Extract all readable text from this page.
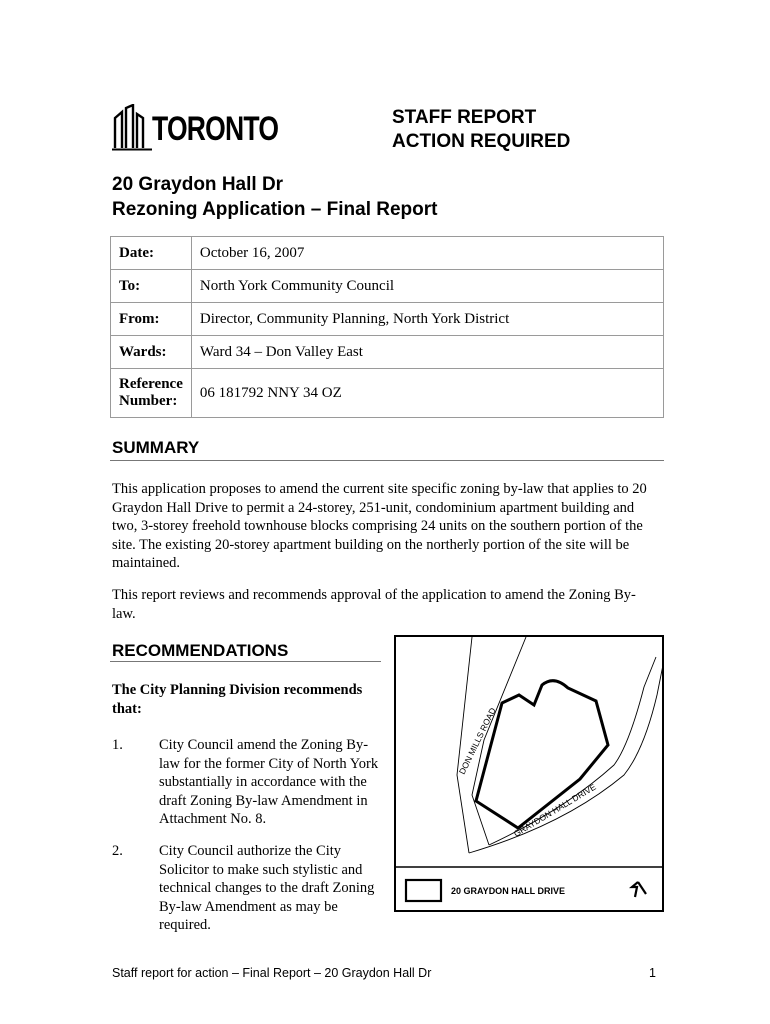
TORONTO	STAFF REPORT
ACTION REQUIRED
20 Graydon Hall Dr
Rezoning Application – Final Report
Date:	October 16, 2007
To:	North York Community Council
From:	Director, Community Planning, North York District
Wards:	Ward 34 – Don Valley East

Reference
Number:	06 181792 NNY 34 OZ
SUMMARY
This application proposes to amend the current site specific zoning by-law that applies to 20 Graydon Hall Drive to permit a 24-storey, 251-unit, condominium apartment building and two, 3-storey freehold townhouse blocks comprising 24 units on the southern portion of the site. The existing 20-storey apartment building on the northerly portion of the site will be maintained.
This report reviews and recommends approval of the application to amend the Zoning By-law.
RECOMMENDATIONS
The City Planning Division recommends that:
1. City Council amend the Zoning By-law for the former City of North York substantially in accordance with the draft Zoning By-law Amendment in Attachment No. 8.
2. City Council authorize the City Solicitor to make such stylistic and technical changes to the draft Zoning By-law Amendment as may be required.
DON MILLS ROAD
GRAYDON HALL DRIVE
20 GRAYDON HALL DRIVE
Staff report for action – Final Report – 20 Graydon Hall Dr	1
